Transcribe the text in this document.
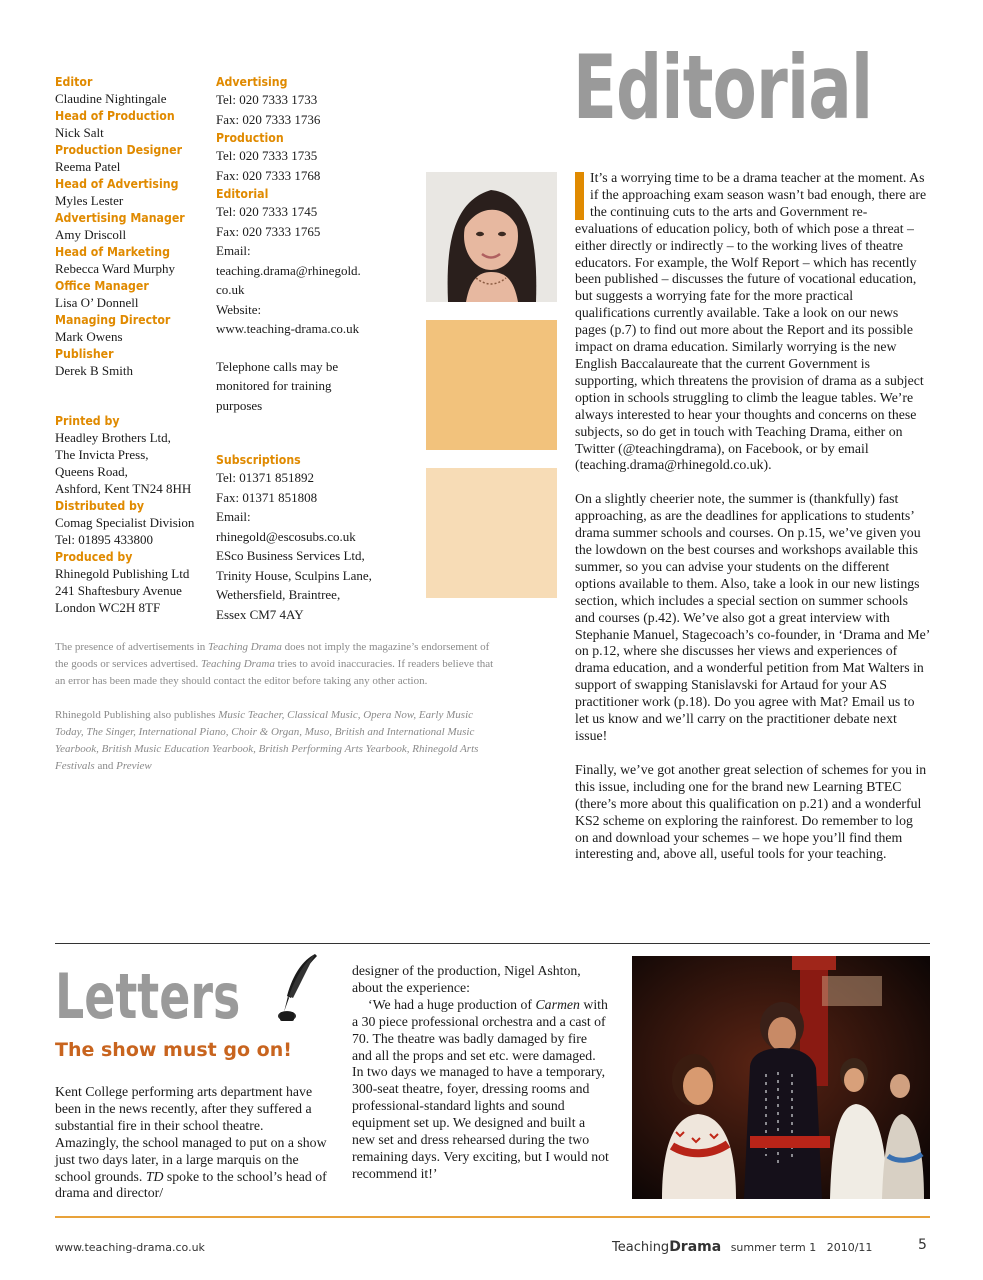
Editor
Claudine Nightingale
Head of Production
Nick Salt
Production Designer
Reema Patel
Head of Advertising
Myles Lester
Advertising Manager
Amy Driscoll
Head of Marketing
Rebecca Ward Murphy
Office Manager
Lisa O’ Donnell
Managing Director
Mark Owens
Publisher
Derek B Smith
Printed by
Headley Brothers Ltd,
The Invicta Press,
Queens Road,
Ashford, Kent TN24 8HH
Distributed by
Comag Specialist Division
Tel: 01895 433800
Produced by
Rhinegold Publishing Ltd
241 Shaftesbury Avenue
London WC2H 8TF
Advertising
Tel: 020 7333 1733
Fax: 020 7333 1736
Production
Tel: 020 7333 1735
Fax: 020 7333 1768
Editorial
Tel: 020 7333 1745
Fax: 020 7333 1765
Email:
teaching.drama@rhinegold.
co.uk
Website:
www.teaching-drama.co.uk
Telephone calls may be
monitored for training
purposes
Subscriptions
Tel: 01371 851892
Fax: 01371 851808
Email:
rhinegold@escosubs.co.uk
ESco Business Services Ltd,
Trinity House, Sculpins Lane,
Wethersfield, Braintree,
Essex CM7 4AY

The presence of advertisements in Teaching Drama does not imply the magazine’s endorsement of the goods or services advertised. Teaching Drama tries to avoid inaccuracies. If readers believe that an error has been made they should contact the editor before taking any other action.

Rhinegold Publishing also publishes Music Teacher, Classical Music, Opera Now, Early Music Today, The Singer, International Piano, Choir & Organ, Muso, British and International Music Yearbook, British Music Education Yearbook, British Performing Arts Yearbook, Rhinegold Arts Festivals and Preview

Editorial

It’s a worrying time to be a drama teacher at the moment. As if the approaching exam season wasn’t bad enough, there are the continuing cuts to the arts and Government re-evaluations of education policy, both of which pose a threat – either directly or indirectly – to the working lives of theatre educators. For example, the Wolf Report – which has recently been published – discusses the future of vocational education, but suggests a worrying fate for the more practical qualifications currently available. Take a look on our news pages (p.7) to find out more about the Report and its possible impact on drama education. Similarly worrying is the new English Baccalaureate that the current Government is supporting, which threatens the provision of drama as a subject option in schools struggling to climb the league tables. We’re always interested to hear your thoughts and concerns on these subjects, so do get in touch with Teaching Drama, either on Twitter (@teachingdrama), on Facebook, or by email (teaching.drama@rhinegold.co.uk).

On a slightly cheerier note, the summer is (thankfully) fast approaching, as are the deadlines for applications to students’ drama summer schools and courses. On p.15, we’ve given you the lowdown on the best courses and workshops available this summer, so you can advise your students on the different options available to them. Also, take a look in our new listings section, which includes a special section on summer schools and courses (p.42). We’ve also got a great interview with Stephanie Manuel, Stagecoach’s co-founder, in ‘Drama and Me’ on p.12, where she discusses her views and experiences of drama education, and a wonderful petition from Mat Walters in support of swapping Stanislavski for Artaud for your AS practitioner work (p.18). Do you agree with Mat? Email us to let us know and we’ll carry on the practitioner debate next issue!

Finally, we’ve got another great selection of schemes for you in this issue, including one for the brand new Learning BTEC (there’s more about this qualification on p.21) and a wonderful KS2 scheme on exploring the rainforest. Do remember to log on and download your schemes – we hope you’ll find them interesting and, above all, useful tools for your teaching.

Letters
The show must go on!

Kent College performing arts department have been in the news recently, after they suffered a substantial fire in their school theatre. Amazingly, the school managed to put on a show just two days later, in a large marquis on the school grounds. TD spoke to the school’s head of drama and director/

designer of the production, Nigel Ashton, about the experience:

‘We had a huge production of Carmen with a 30 piece professional orchestra and a cast of 70. The theatre was badly damaged by fire and all the props and set etc. were damaged. In two days we managed to have a temporary, 300-seat theatre, foyer, dressing rooms and professional-standard lights and sound equipment set up. We designed and built a new set and dress rehearsed during the two remaining days. Very exciting, but I would not recommend it!’

www.teaching-drama.co.uk	TeachingDrama summer term 1   2010/11	5
